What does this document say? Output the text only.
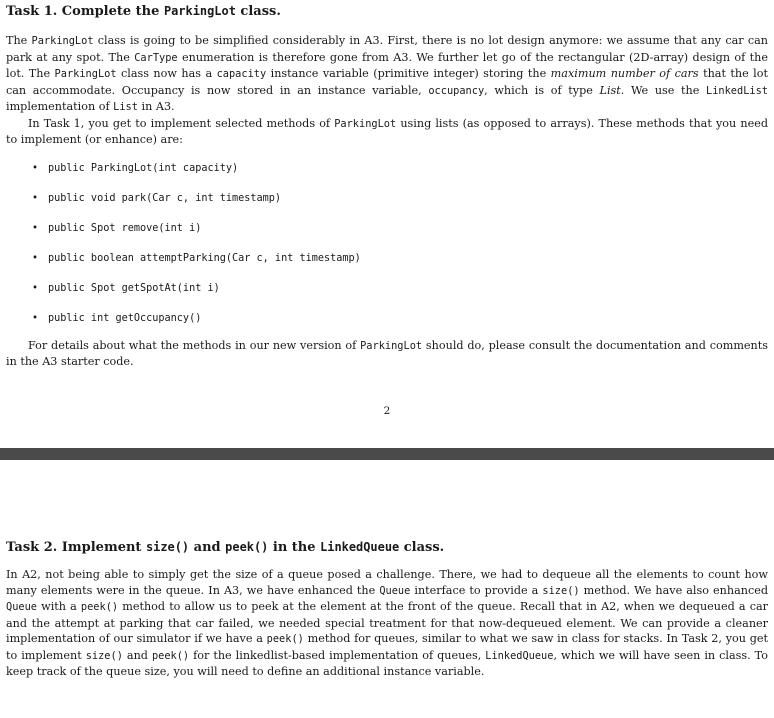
Task 1. Complete the ParkingLot class.

The ParkingLot class is going to be simplified considerably in A3. First, there is no lot design anymore: we assume that any car can park at any spot. The CarType enumeration is therefore gone from A3. We further let go of the rectangular (2D-array) design of the lot. The ParkingLot class now has a capacity instance variable (primitive integer) storing the maximum number of cars that the lot can accommodate. Occupancy is now stored in an instance variable, occupancy, which is of type List. We use the LinkedList implementation of List in A3.

In Task 1, you get to implement selected methods of ParkingLot using lists (as opposed to arrays). These methods that you need to implement (or enhance) are:

• public ParkingLot(int capacity)
• public void park(Car c, int timestamp)
• public Spot remove(int i)
• public boolean attemptParking(Car c, int timestamp)
• public Spot getSpotAt(int i)
• public int getOccupancy()

For details about what the methods in our new version of ParkingLot should do, please consult the documentation and comments in the A3 starter code.

2
Task 2. Implement size() and peek() in the LinkedQueue class.

In A2, not being able to simply get the size of a queue posed a challenge. There, we had to dequeue all the elements to count how many elements were in the queue. In A3, we have enhanced the Queue interface to provide a size() method. We have also enhanced Queue with a peek() method to allow us to peek at the element at the front of the queue. Recall that in A2, when we dequeued a car and the attempt at parking that car failed, we needed special treatment for that now-dequeued element. We can provide a cleaner implementation of our simulator if we have a peek() method for queues, similar to what we saw in class for stacks. In Task 2, you get to implement size() and peek() for the linkedlist-based implementation of queues, LinkedQueue, which we will have seen in class. To keep track of the queue size, you will need to define an additional instance variable.
